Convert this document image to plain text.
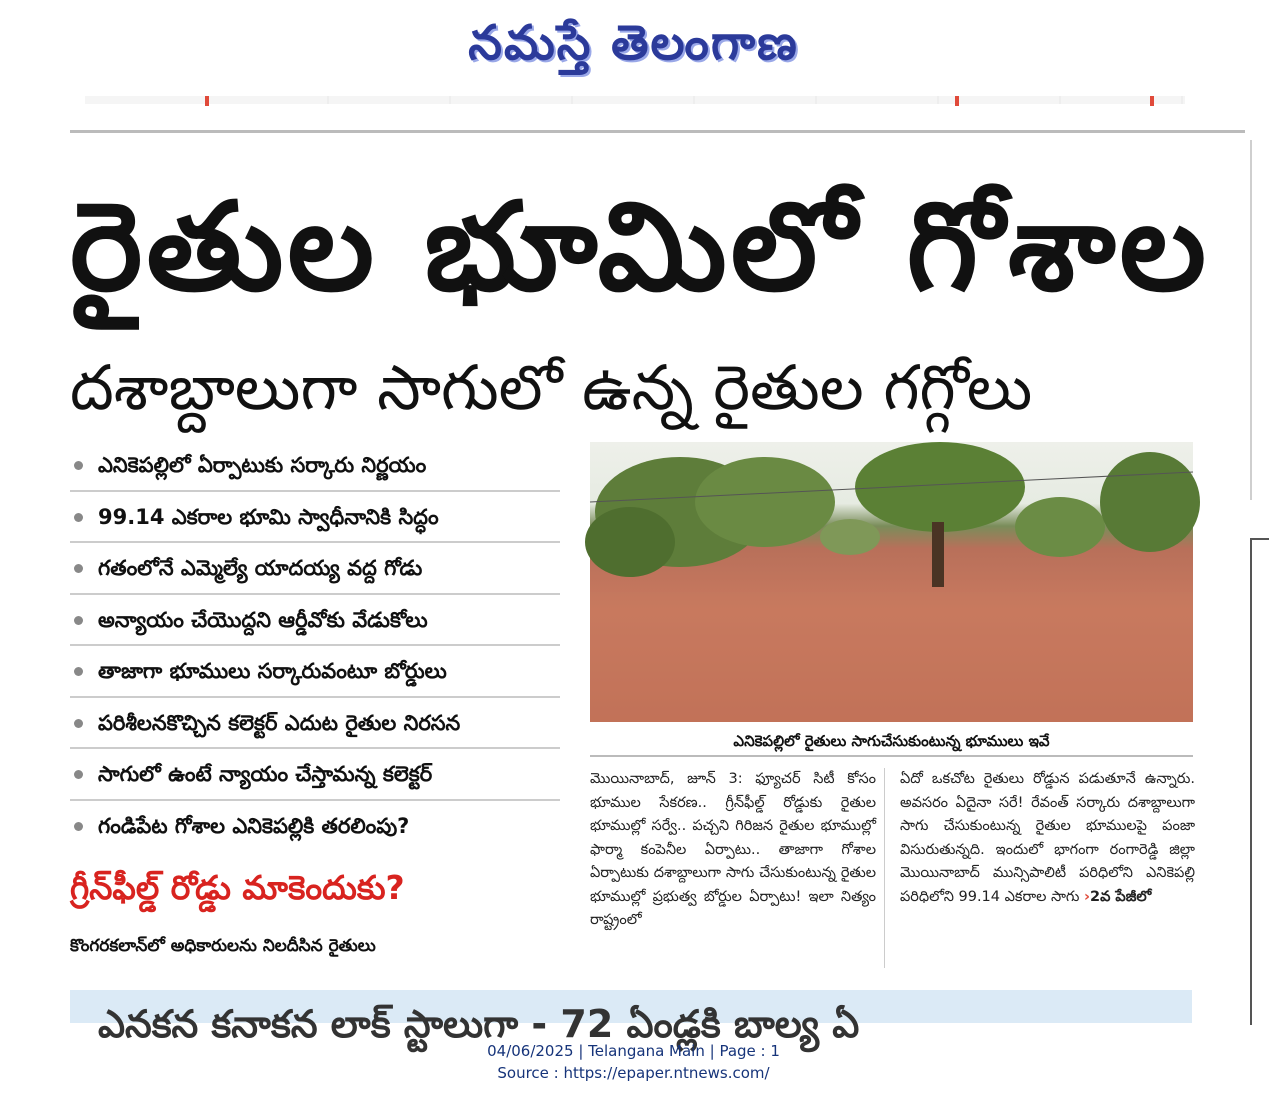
నమస్తే తెలంగాణ
రైతుల భూమిలో గోశాల
దశాబ్దాలుగా సాగులో ఉన్న రైతుల గగ్గోలు
ఎనికెపల్లిలో ఏర్పాటుకు సర్కారు నిర్ణయం
99.14 ఎకరాల భూమి స్వాధీనానికి సిద్ధం
గతంలోనే ఎమ్మెల్యే యాదయ్య వద్ద గోడు
అన్యాయం చేయొద్దని ఆర్డీవోకు వేడుకోలు
తాజాగా భూములు సర్కారువంటూ బోర్డులు
పరిశీలనకొచ్చిన కలెక్టర్ ఎదుట రైతుల నిరసన
సాగులో ఉంటే న్యాయం చేస్తామన్న కలెక్టర్
గండిపేట గోశాల ఎనికెపల్లికి తరలింపు?
గ్రీన్‌ఫీల్డ్ రోడ్డు మాకెందుకు?
కొంగరకలాన్‌లో అధికారులను నిలదీసిన రైతులు
ఎనికెపల్లిలో రైతులు సాగుచేసుకుంటున్న భూములు ఇవే
మొయినాబాద్, జూన్ 3: ఫ్యూచర్ సిటీ కోసం భూముల సేకరణ.. గ్రీన్‌ఫీల్డ్ రోడ్డుకు రైతుల భూముల్లో సర్వే.. పచ్చని గిరిజన రైతుల భూముల్లో ఫార్మా కంపెనీల ఏర్పాటు.. తాజాగా గోశాల ఏర్పాటుకు దశాబ్దాలుగా సాగు చేసుకుంటున్న రైతుల భూముల్లో ప్రభుత్వ బోర్డుల ఏర్పాటు! ఇలా నిత్యం రాష్ట్రంలో
ఏదో ఒకచోట రైతులు రోడ్డున పడుతూనే ఉన్నారు. అవసరం ఏదైనా సరే! రేవంత్ సర్కారు దశాబ్దాలుగా సాగు చేసుకుంటున్న రైతుల భూములపై పంజా విసురుతున్నది. ఇందులో భాగంగా రంగారెడ్డి జిల్లా మొయినాబాద్ మున్సిపాలిటీ పరిధిలోని ఎనికెపల్లి పరిధిలోని 99.14 ఎకరాల సాగు ›2వ పేజీలో
ఎనకన కనాకన లాక్ స్టాలుగా - 72 ఏండ్లకి బాల్య ఏ
04/06/2025 | Telangana Main | Page : 1
Source : https://epaper.ntnews.com/
